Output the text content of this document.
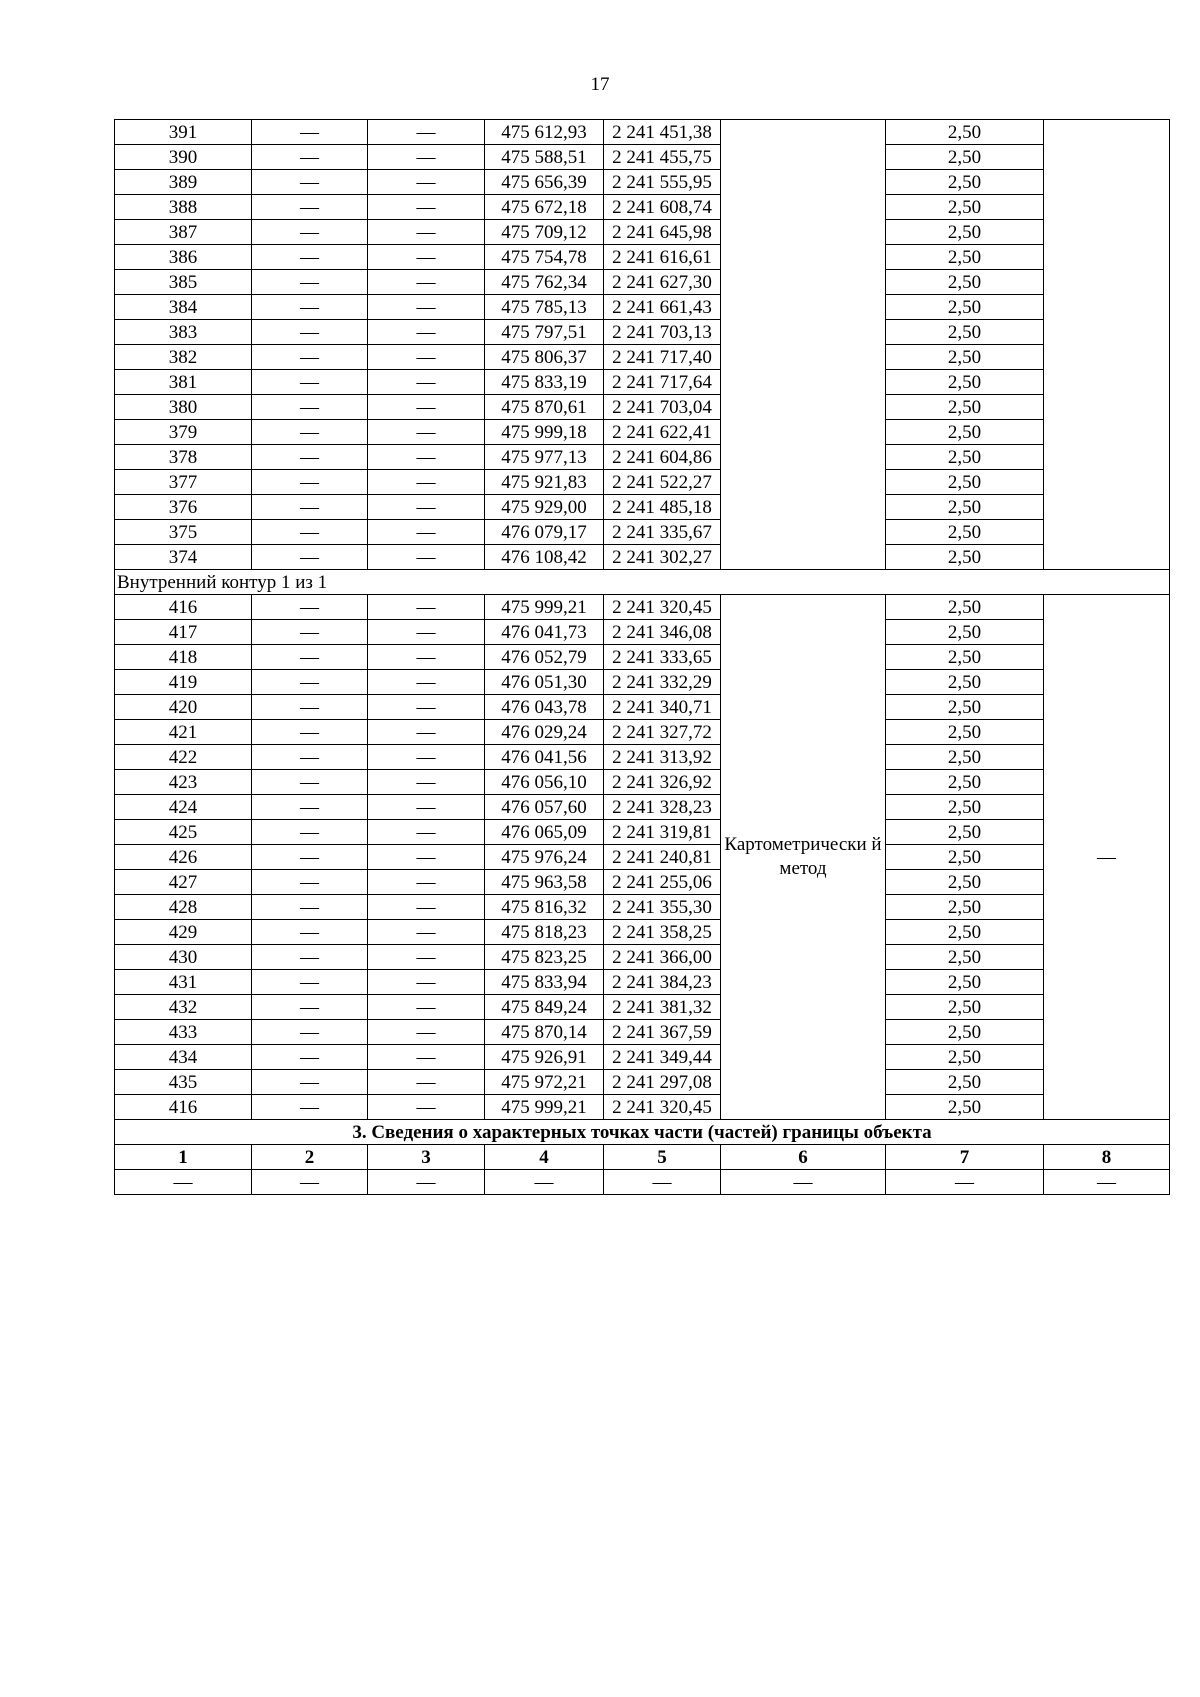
17
391	—	—	475 612,93	2 241 451,38		2,50	
390	—	—	475 588,51	2 241 455,75		2,50	
389	—	—	475 656,39	2 241 555,95		2,50	
388	—	—	475 672,18	2 241 608,74		2,50	
387	—	—	475 709,12	2 241 645,98		2,50	
386	—	—	475 754,78	2 241 616,61		2,50	
385	—	—	475 762,34	2 241 627,30		2,50	
384	—	—	475 785,13	2 241 661,43		2,50	
383	—	—	475 797,51	2 241 703,13		2,50	
382	—	—	475 806,37	2 241 717,40		2,50	
381	—	—	475 833,19	2 241 717,64		2,50	
380	—	—	475 870,61	2 241 703,04		2,50	
379	—	—	475 999,18	2 241 622,41		2,50	
378	—	—	475 977,13	2 241 604,86		2,50	
377	—	—	475 921,83	2 241 522,27		2,50	
376	—	—	475 929,00	2 241 485,18		2,50	
375	—	—	476 079,17	2 241 335,67		2,50	
374	—	—	476 108,42	2 241 302,27		2,50	
Внутренний контур 1 из 1							
416	—	—	475 999,21	2 241 320,45	Картометрически й метод	2,50	—
417	—	—	476 041,73	2 241 346,08		2,50	
418	—	—	476 052,79	2 241 333,65		2,50	
419	—	—	476 051,30	2 241 332,29		2,50	
420	—	—	476 043,78	2 241 340,71		2,50	
421	—	—	476 029,24	2 241 327,72		2,50	
422	—	—	476 041,56	2 241 313,92		2,50	
423	—	—	476 056,10	2 241 326,92		2,50	
424	—	—	476 057,60	2 241 328,23		2,50	
425	—	—	476 065,09	2 241 319,81		2,50	
426	—	—	475 976,24	2 241 240,81		2,50	
427	—	—	475 963,58	2 241 255,06		2,50	
428	—	—	475 816,32	2 241 355,30		2,50	
429	—	—	475 818,23	2 241 358,25		2,50	
430	—	—	475 823,25	2 241 366,00		2,50	
431	—	—	475 833,94	2 241 384,23		2,50	
432	—	—	475 849,24	2 241 381,32		2,50	
433	—	—	475 870,14	2 241 367,59		2,50	
434	—	—	475 926,91	2 241 349,44		2,50	
435	—	—	475 972,21	2 241 297,08		2,50	
416	—	—	475 999,21	2 241 320,45		2,50	
3. Сведения о характерных точках части (частей) границы объекта							
1	2	3	4	5	6	7	8
—	—	—	—	—	—	—	—
